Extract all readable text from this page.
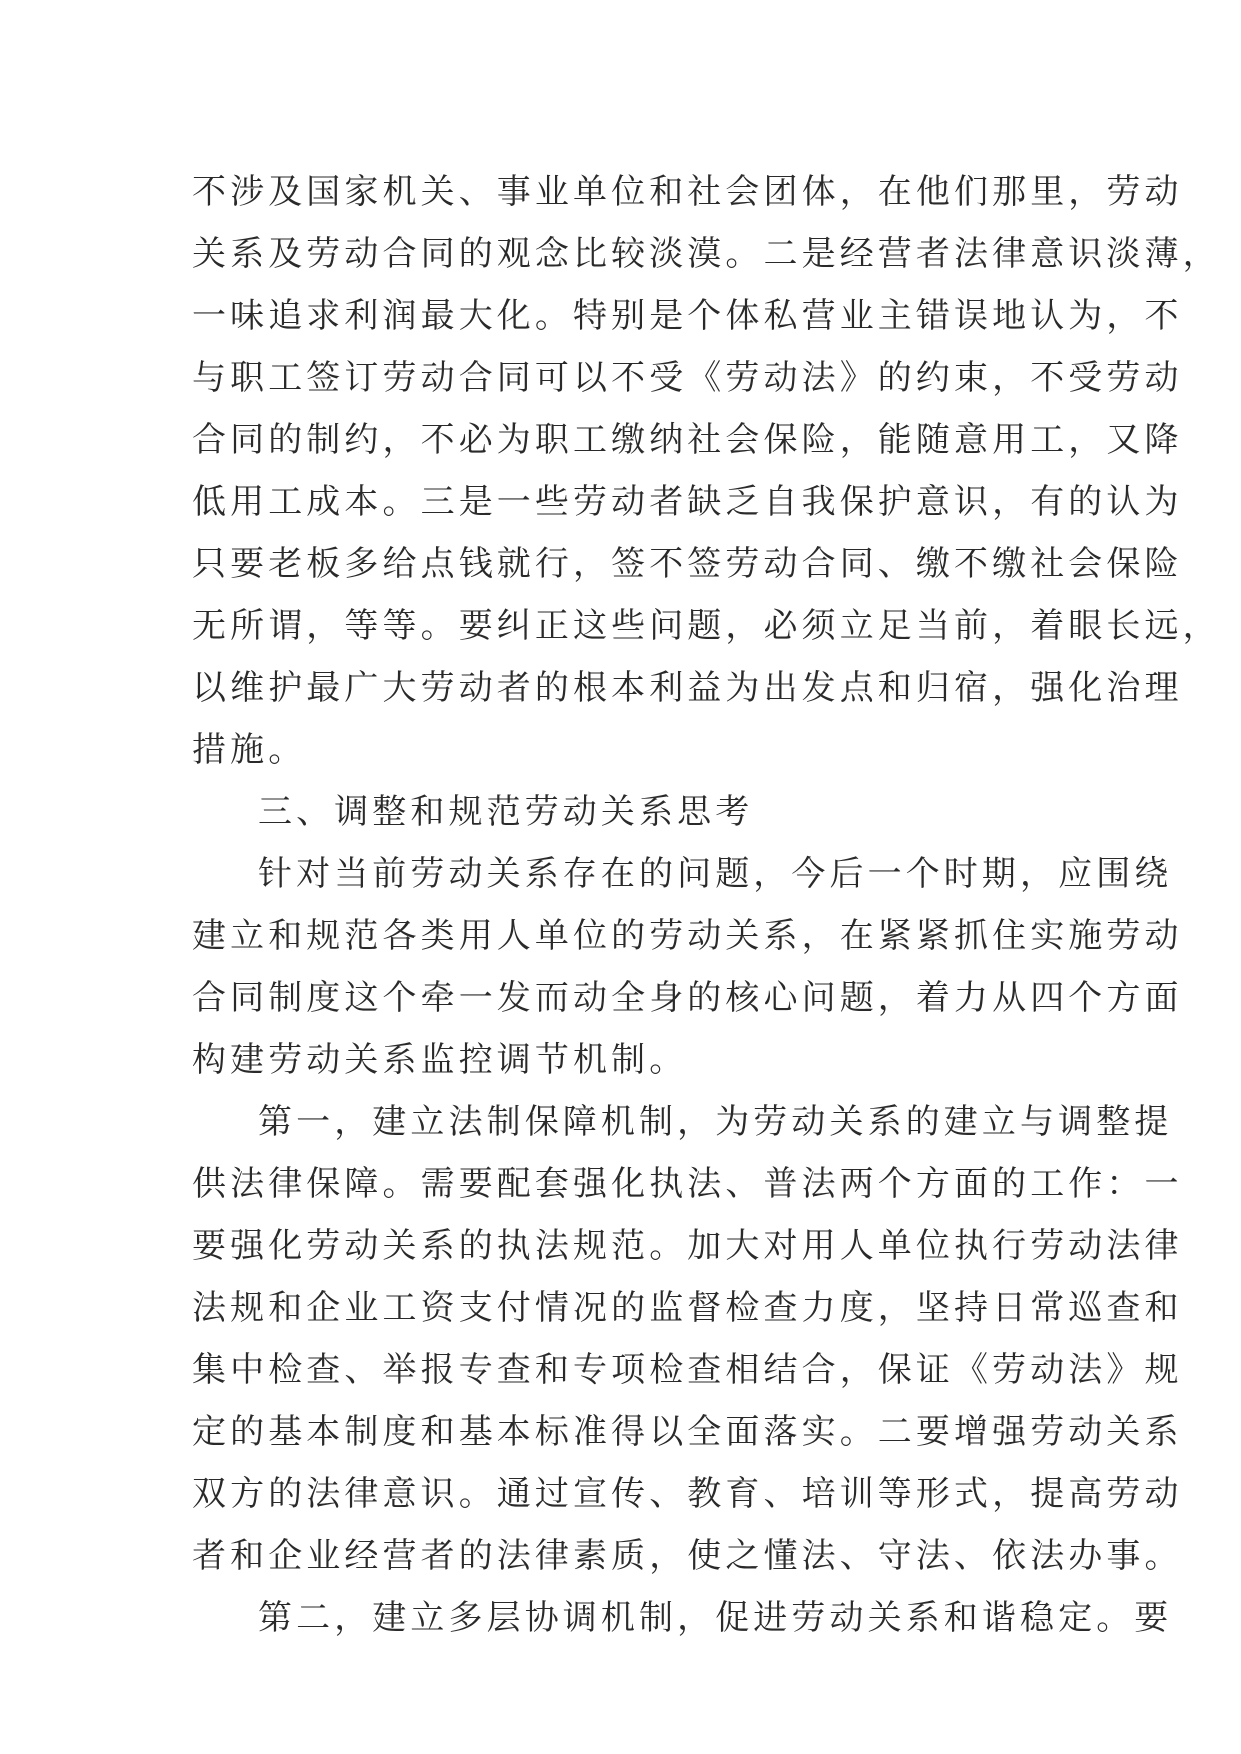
不涉及国家机关、事业单位和社会团体，在他们那里，劳动
关系及劳动合同的观念比较淡漠。二是经营者法律意识淡薄，
一味追求利润最大化。特别是个体私营业主错误地认为，不
与职工签订劳动合同可以不受《劳动法》的约束，不受劳动
合同的制约，不必为职工缴纳社会保险，能随意用工，又降
低用工成本。三是一些劳动者缺乏自我保护意识，有的认为
只要老板多给点钱就行，签不签劳动合同、缴不缴社会保险
无所谓，等等。要纠正这些问题，必须立足当前，着眼长远，
以维护最广大劳动者的根本利益为出发点和归宿，强化治理
措施。
三、调整和规范劳动关系思考
针对当前劳动关系存在的问题，今后一个时期，应围绕
建立和规范各类用人单位的劳动关系，在紧紧抓住实施劳动
合同制度这个牵一发而动全身的核心问题，着力从四个方面
构建劳动关系监控调节机制。
第一，建立法制保障机制，为劳动关系的建立与调整提
供法律保障。需要配套强化执法、普法两个方面的工作：一
要强化劳动关系的执法规范。加大对用人单位执行劳动法律
法规和企业工资支付情况的监督检查力度，坚持日常巡查和
集中检查、举报专查和专项检查相结合，保证《劳动法》规
定的基本制度和基本标准得以全面落实。二要增强劳动关系
双方的法律意识。通过宣传、教育、培训等形式，提高劳动
者和企业经营者的法律素质，使之懂法、守法、依法办事。
第二，建立多层协调机制，促进劳动关系和谐稳定。要
